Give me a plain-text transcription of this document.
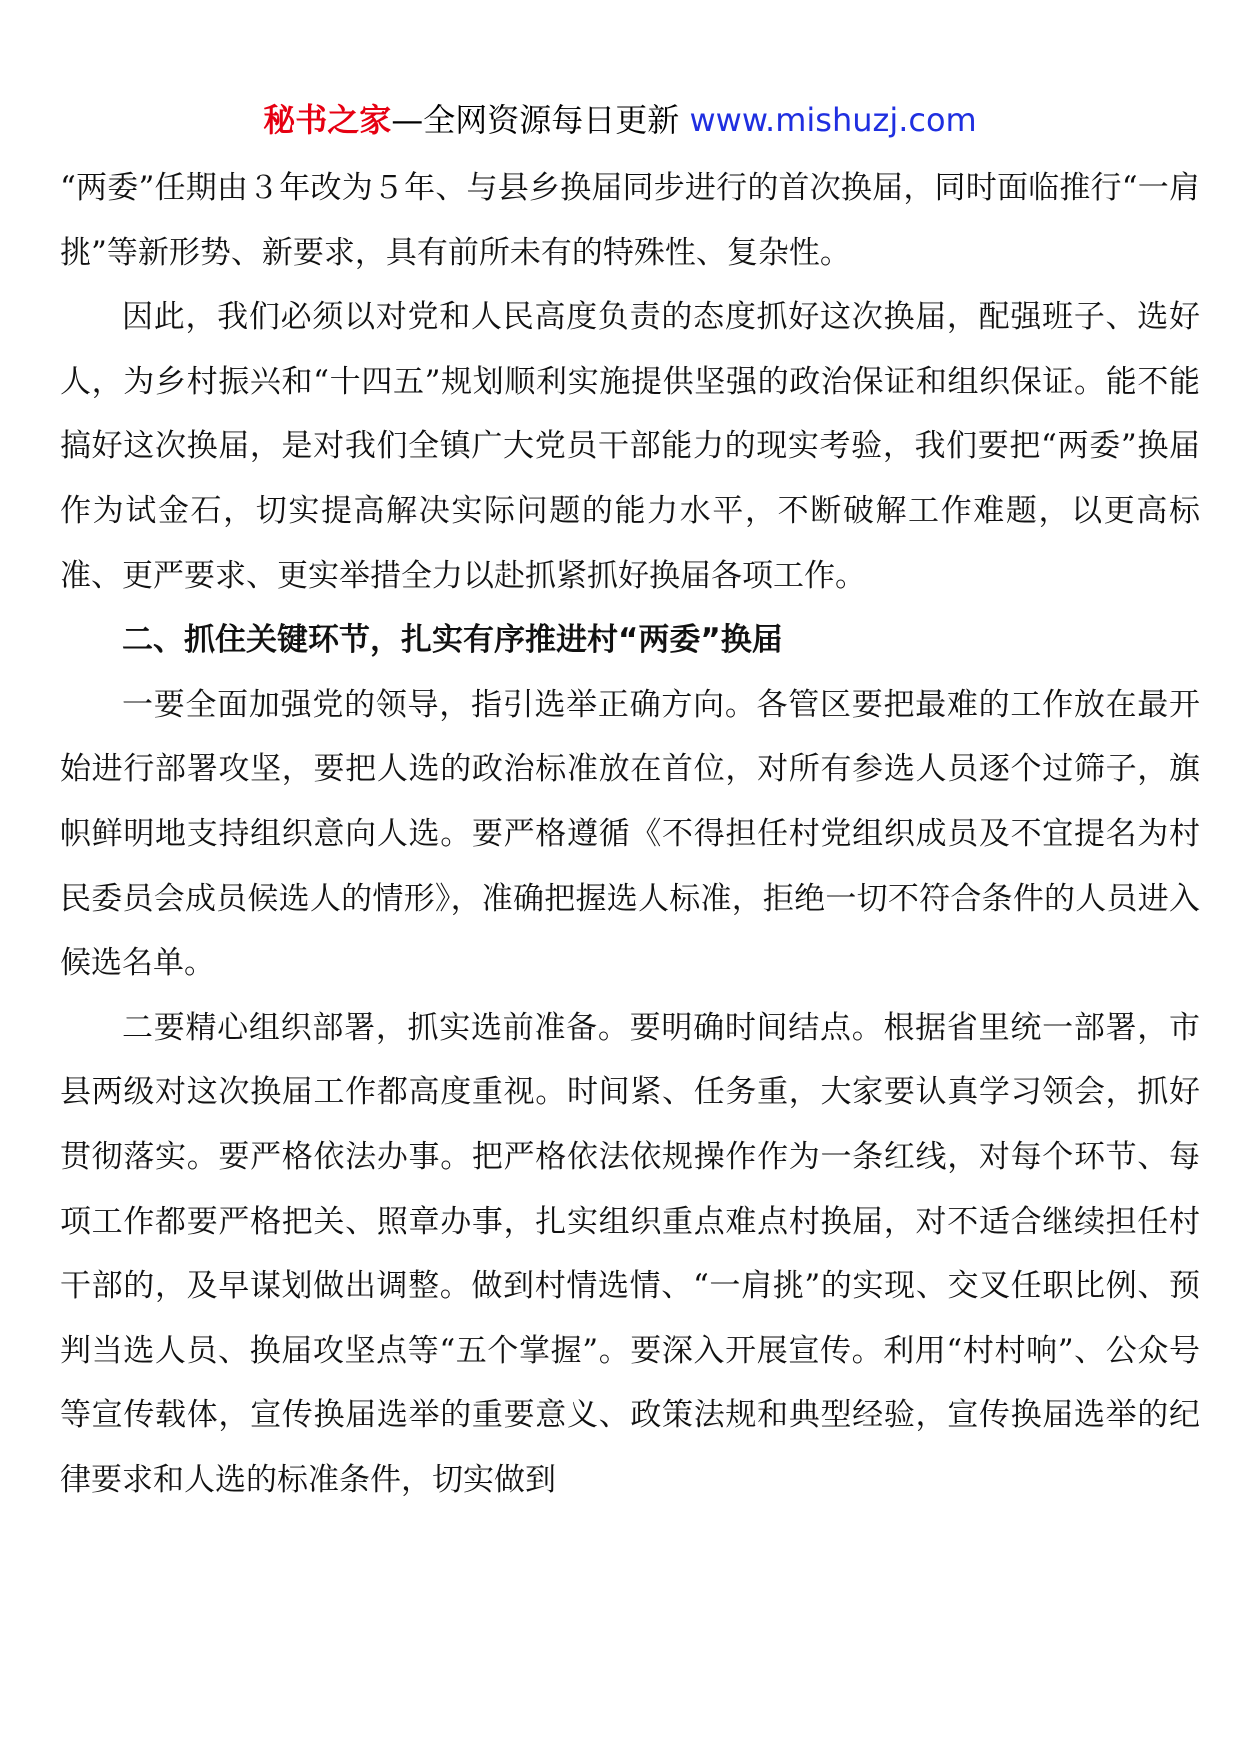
秘书之家—全网资源每日更新 www.mishuzj.com

“两委”任期由３年改为５年、与县乡换届同步进行的首次换届，同时面临推行“一肩挑”等新形势、新要求，具有前所未有的特殊性、复杂性。

因此，我们必须以对党和人民高度负责的态度抓好这次换届，配强班子、选好人，为乡村振兴和“十四五”规划顺利实施提供坚强的政治保证和组织保证。能不能搞好这次换届，是对我们全镇广大党员干部能力的现实考验，我们要把“两委”换届作为试金石，切实提高解决实际问题的能力水平，不断破解工作难题，以更高标准、更严要求、更实举措全力以赴抓紧抓好换届各项工作。

二、抓住关键环节，扎实有序推进村“两委”换届

一要全面加强党的领导，指引选举正确方向。各管区要把最难的工作放在最开始进行部署攻坚，要把人选的政治标准放在首位，对所有参选人员逐个过筛子，旗帜鲜明地支持组织意向人选。要严格遵循《不得担任村党组织成员及不宜提名为村民委员会成员候选人的情形》，准确把握选人标准，拒绝一切不符合条件的人员进入候选名单。

二要精心组织部署，抓实选前准备。要明确时间结点。根据省里统一部署，市县两级对这次换届工作都高度重视。时间紧、任务重，大家要认真学习领会，抓好贯彻落实。要严格依法办事。把严格依法依规操作作为一条红线，对每个环节、每项工作都要严格把关、照章办事，扎实组织重点难点村换届，对不适合继续担任村干部的，及早谋划做出调整。做到村情选情、“一肩挑”的实现、交叉任职比例、预判当选人员、换届攻坚点等“五个掌握”。要深入开展宣传。利用“村村响”、公众号等宣传载体，宣传换届选举的重要意义、政策法规和典型经验，宣传换届选举的纪律要求和人选的标准条件，切实做到
